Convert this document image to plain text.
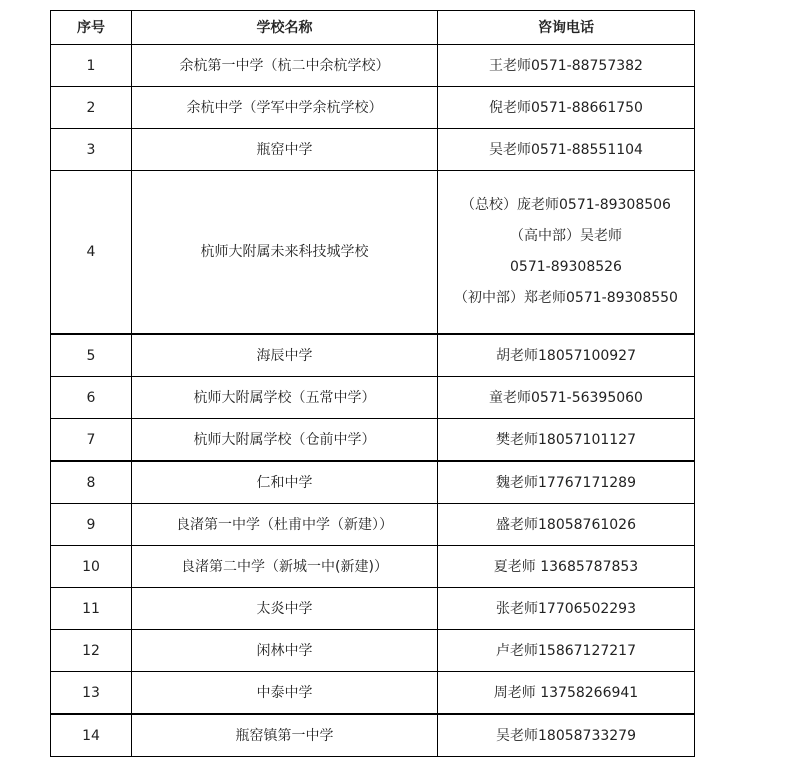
序号	学校名称	咨询电话
1	余杭第一中学（杭二中余杭学校）	王老师0571-88757382
2	余杭中学（学军中学余杭学校）	倪老师0571-88661750
3	瓶窑中学	吴老师0571-88551104
4	杭师大附属未来科技城学校	（总校）庞老师0571-89308506
（高中部）吴老师
0571-89308526
（初中部）郑老师0571-89308550

5	海辰中学	胡老师18057100927
6	杭师大附属学校（五常中学）	童老师0571-56395060
7	杭师大附属学校（仓前中学）	樊老师18057101127
8	仁和中学	魏老师17767171289
9	良渚第一中学（杜甫中学（新建））	盛老师18058761026
10	良渚第二中学（新城一中(新建)）	夏老师 13685787853
11	太炎中学	张老师17706502293
12	闲林中学	卢老师15867127217
13	中泰中学	周老师 13758266941
14	瓶窑镇第一中学	吴老师18058733279
